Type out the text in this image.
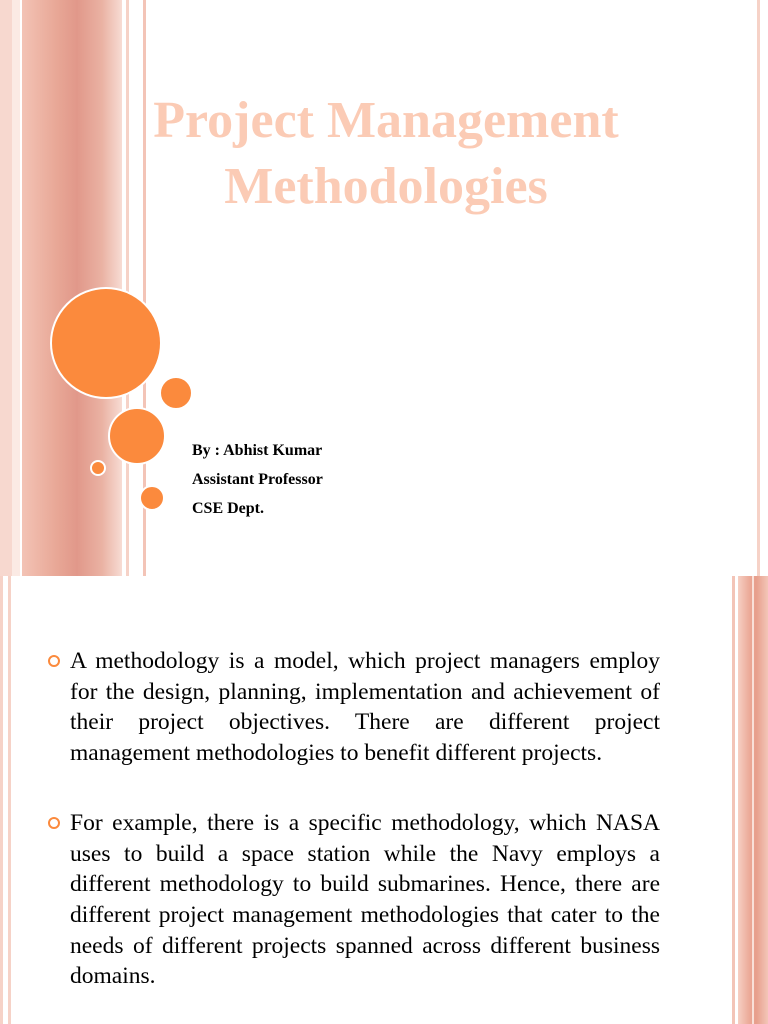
Project Management
Methodologies
By : Abhist Kumar
Assistant Professor
CSE Dept.
A methodology is a model, which project managers employ for the design, planning, implementation and achievement of their project objectives. There are different project management methodologies to benefit different projects.
For example, there is a specific methodology, which NASA uses to build a space station while the Navy employs a different methodology to build submarines. Hence, there are different project management methodologies that cater to the needs of different projects spanned across different business domains.
